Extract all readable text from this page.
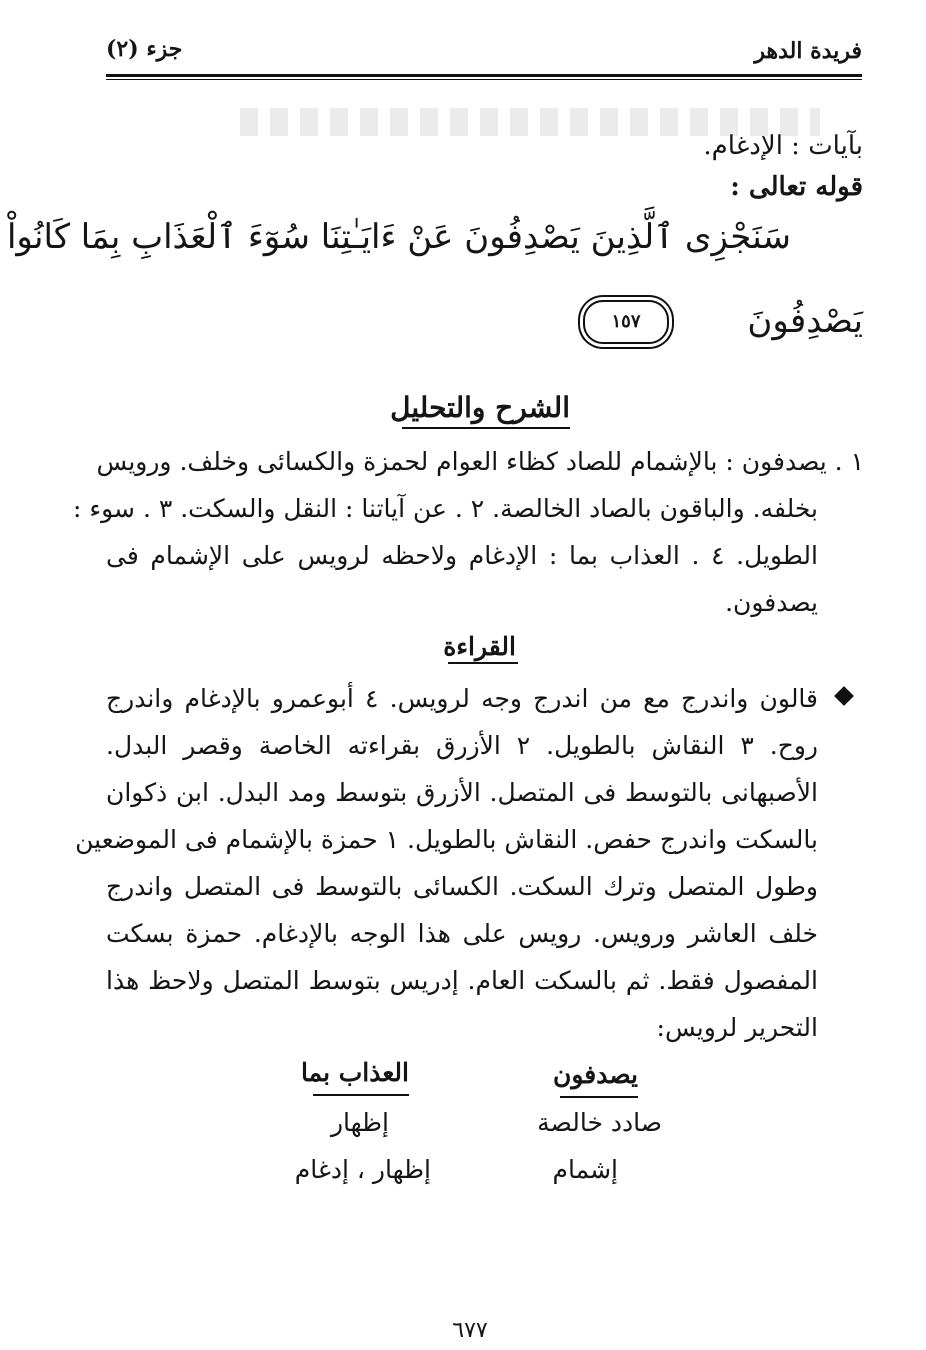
فريدة الدهر
جزء (٢)
بآيات : الإدغام.
قوله تعالى :
سَنَجْزِى ٱلَّذِينَ يَصْدِفُونَ عَنْ ءَايَـٰتِنَا سُوٓءَ ٱلْعَذَابِ بِمَا كَانُواْ
يَصْدِفُونَ
١٥٧
الشرح والتحليل
١ . يصدفون : بالإشمام للصاد كظاء العوام لحمزة والكسائى وخلف. ورويس
بخلفه. والباقون بالصاد الخالصة. ٢ . عن آياتنا : النقل والسكت. ٣ . سوء :
الطويل. ٤ . العذاب بما : الإدغام ولاحظه لرويس على الإشمام فى
يصدفون.
القراءة
قالون واندرج مع من اندرج وجه لرويس. ٤ أبوعمرو بالإدغام واندرج
روح. ٣ النقاش بالطويل. ٢ الأزرق بقراءته الخاصة وقصر البدل.
الأصبهانى بالتوسط فى المتصل. الأزرق بتوسط ومد البدل. ابن ذكوان
بالسكت واندرج حفص. النقاش بالطويل. ١ حمزة بالإشمام فى الموضعين
وطول المتصل وترك السكت. الكسائى بالتوسط فى المتصل واندرج
خلف العاشر ورويس. رويس على هذا الوجه بالإدغام. حمزة بسكت
المفصول فقط. ثم بالسكت العام. إدريس بتوسط المتصل ولاحظ هذا
التحرير لرويس:
يصدفون
العذاب بما
صادد خالصة
إظهار
إشمام
إظهار ، إدغام
٦٧٧
